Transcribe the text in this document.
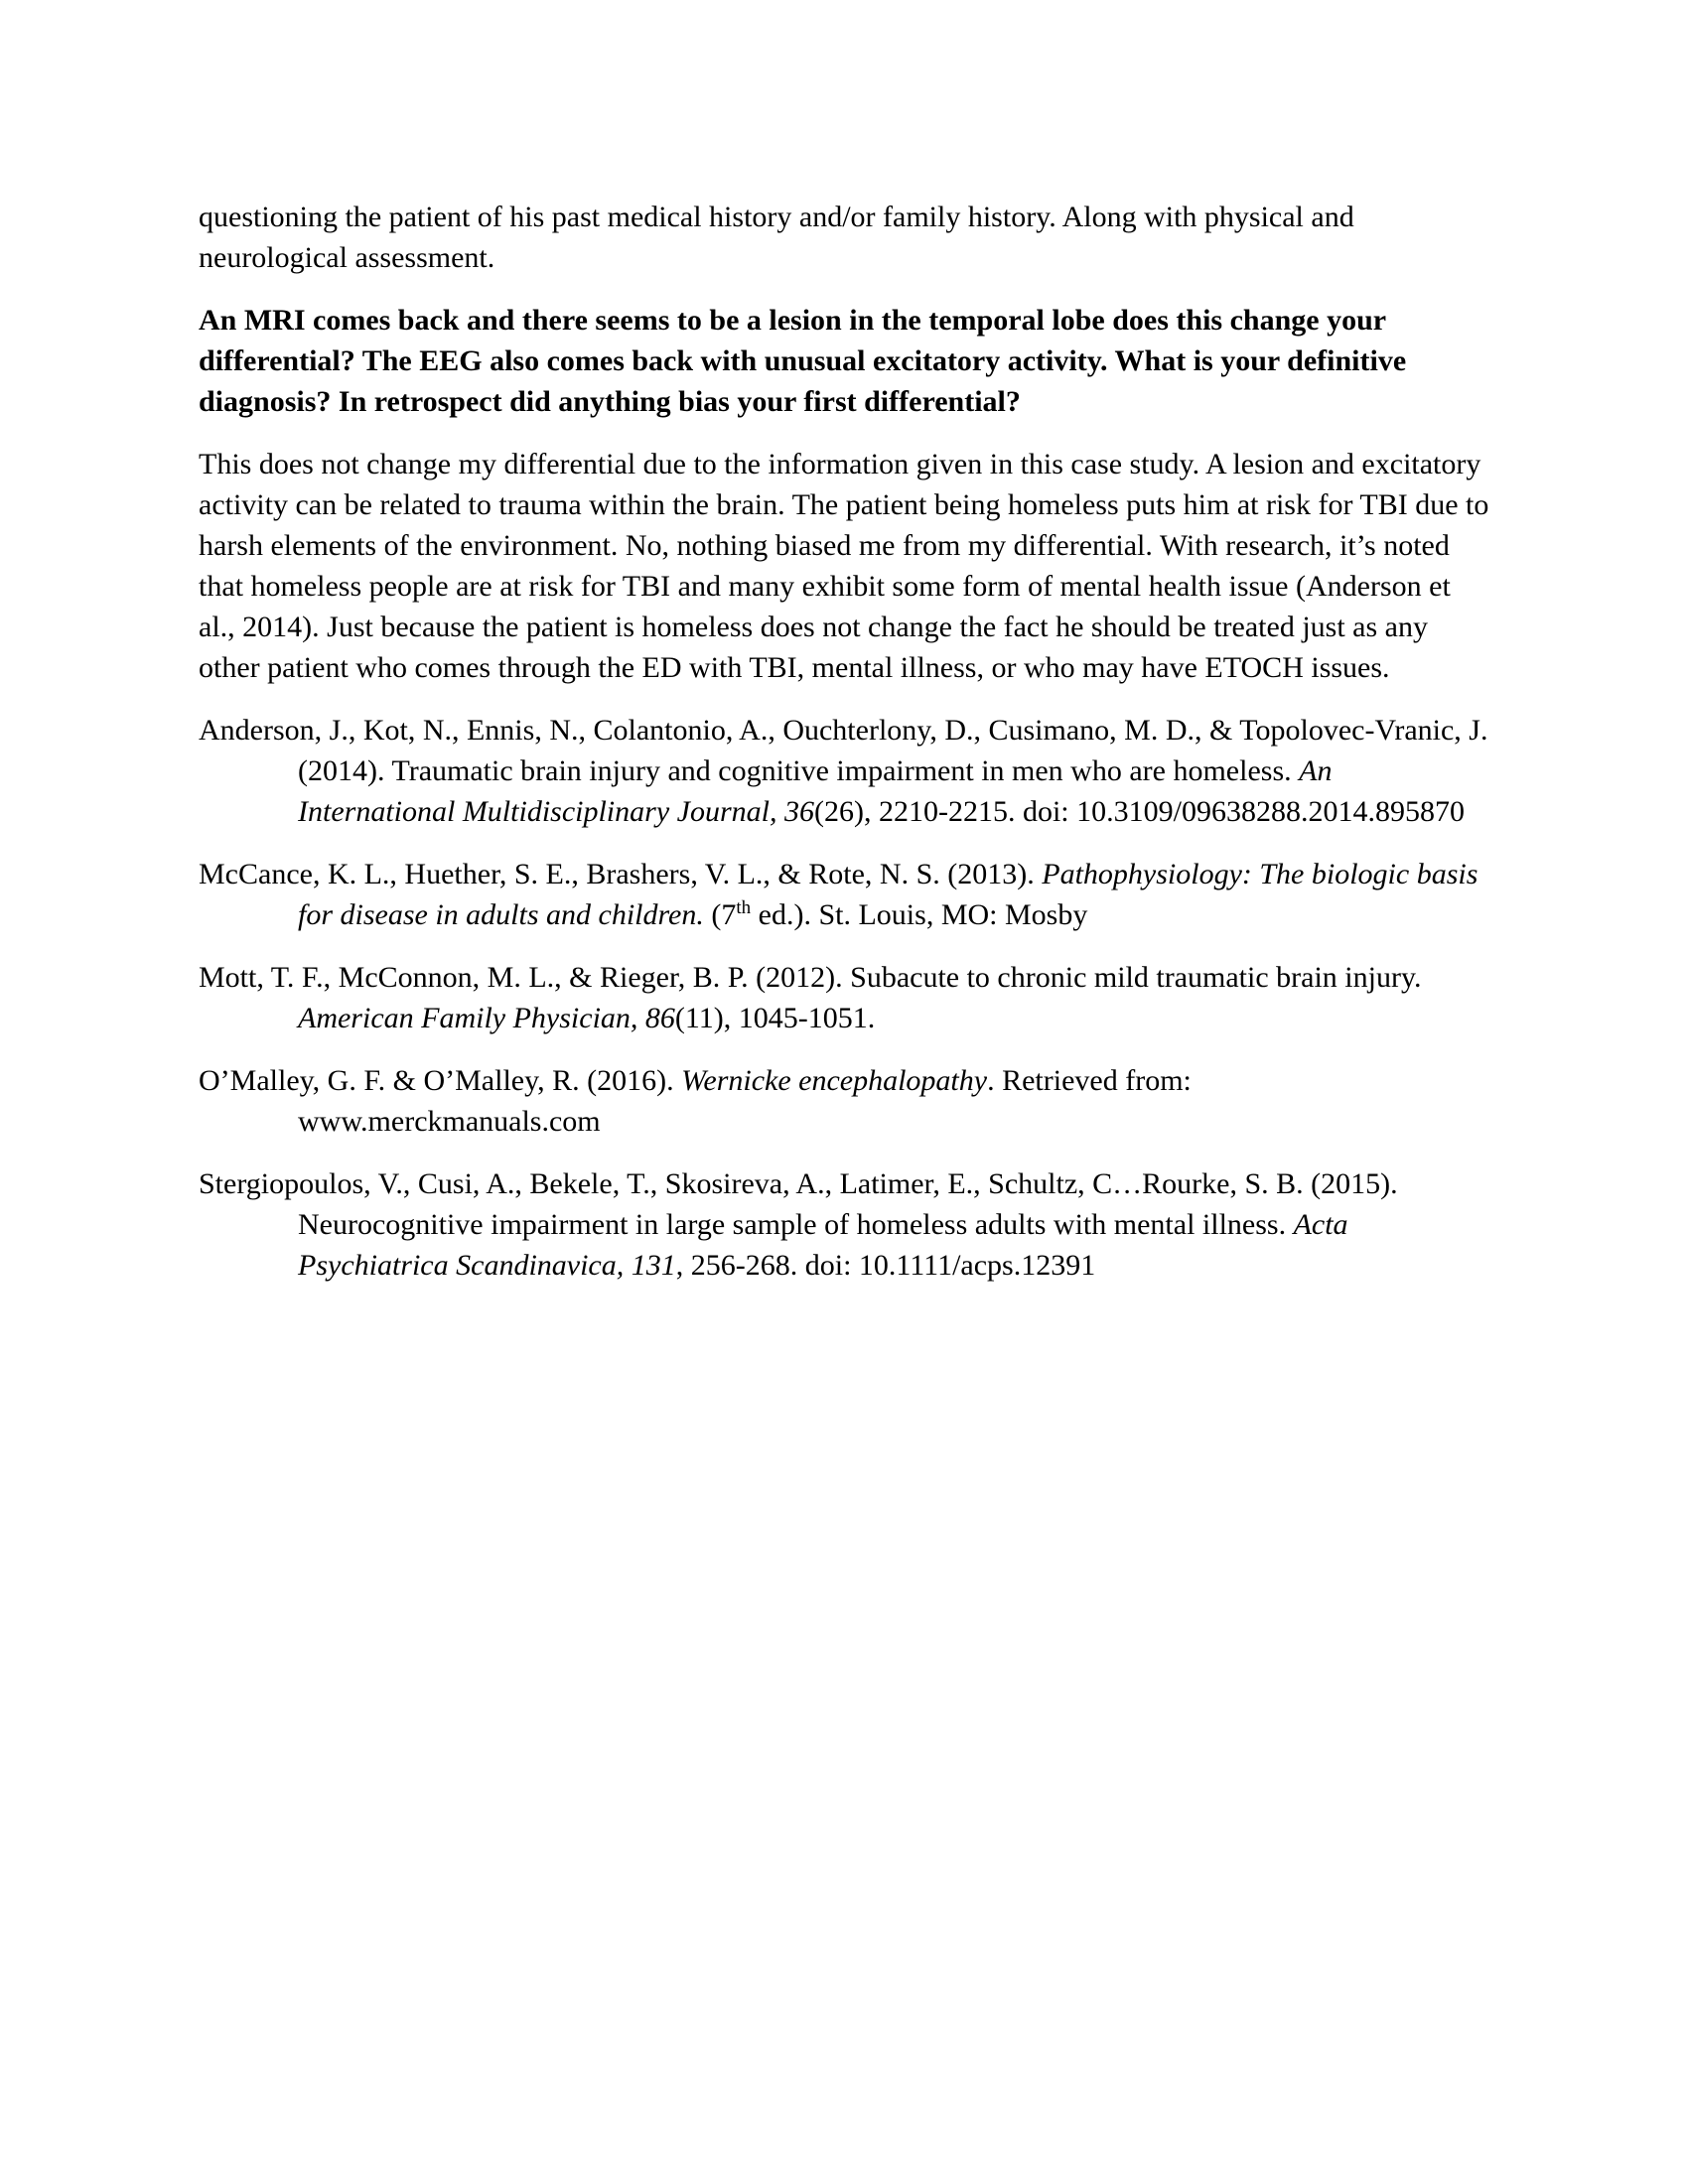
questioning the patient of his past medical history and/or family history. Along with physical and neurological assessment.

An MRI comes back and there seems to be a lesion in the temporal lobe does this change your differential? The EEG also comes back with unusual excitatory activity. What is your definitive diagnosis? In retrospect did anything bias your first differential?

This does not change my differential due to the information given in this case study. A lesion and excitatory activity can be related to trauma within the brain. The patient being homeless puts him at risk for TBI due to harsh elements of the environment. No, nothing biased me from my differential. With research, it’s noted that homeless people are at risk for TBI and many exhibit some form of mental health issue (Anderson et al., 2014). Just because the patient is homeless does not change the fact he should be treated just as any other patient who comes through the ED with TBI, mental illness, or who may have ETOCH issues.

Anderson, J., Kot, N., Ennis, N., Colantonio, A., Ouchterlony, D., Cusimano, M. D., & Topolovec-Vranic, J. (2014). Traumatic brain injury and cognitive impairment in men who are homeless. An International Multidisciplinary Journal, 36(26), 2210-2215. doi: 10.3109/09638288.2014.895870

McCance, K. L., Huether, S. E., Brashers, V. L., & Rote, N. S. (2013). Pathophysiology: The biologic basis for disease in adults and children. (7th ed.). St. Louis, MO: Mosby

Mott, T. F., McConnon, M. L., & Rieger, B. P. (2012). Subacute to chronic mild traumatic brain injury. American Family Physician, 86(11), 1045-1051.

O’Malley, G. F. & O’Malley, R. (2016). Wernicke encephalopathy. Retrieved from: www.merckmanuals.com

Stergiopoulos, V., Cusi, A., Bekele, T., Skosireva, A., Latimer, E., Schultz, C…Rourke, S. B. (2015). Neurocognitive impairment in large sample of homeless adults with mental illness. Acta Psychiatrica Scandinavica, 131, 256-268. doi: 10.1111/acps.12391
